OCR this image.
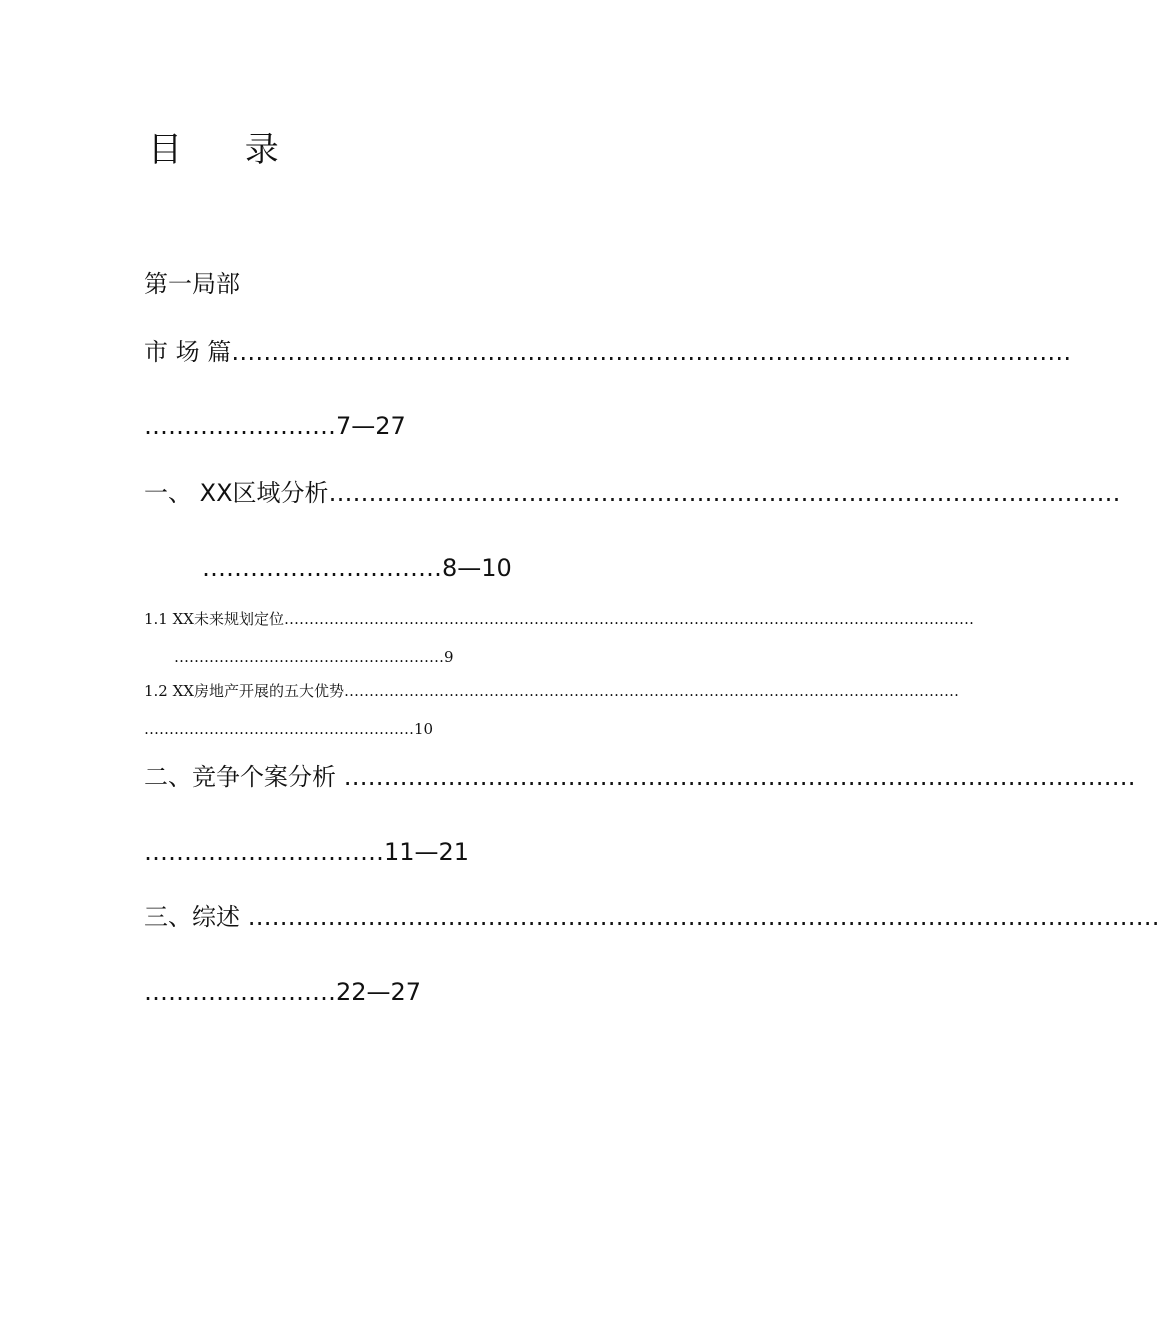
目 录
第一局部
市 场 篇……………………………………………………………………………………………
……………………7—27
一、 XX区域分析………………………………………………………………………………………
…………………………8—10
1.1 XX未来规划定位…………………………………………………………………………………………………………………………
………………………………………………9
1.2 XX房地产开展的五大优势……………………………………………………………………………………………………………
………………………………………………10
二、竞争个案分析 ………………………………………………………………………………………
…………………………11—21
三、综述 ……………………………………………………………………………………………………
……………………22—27
